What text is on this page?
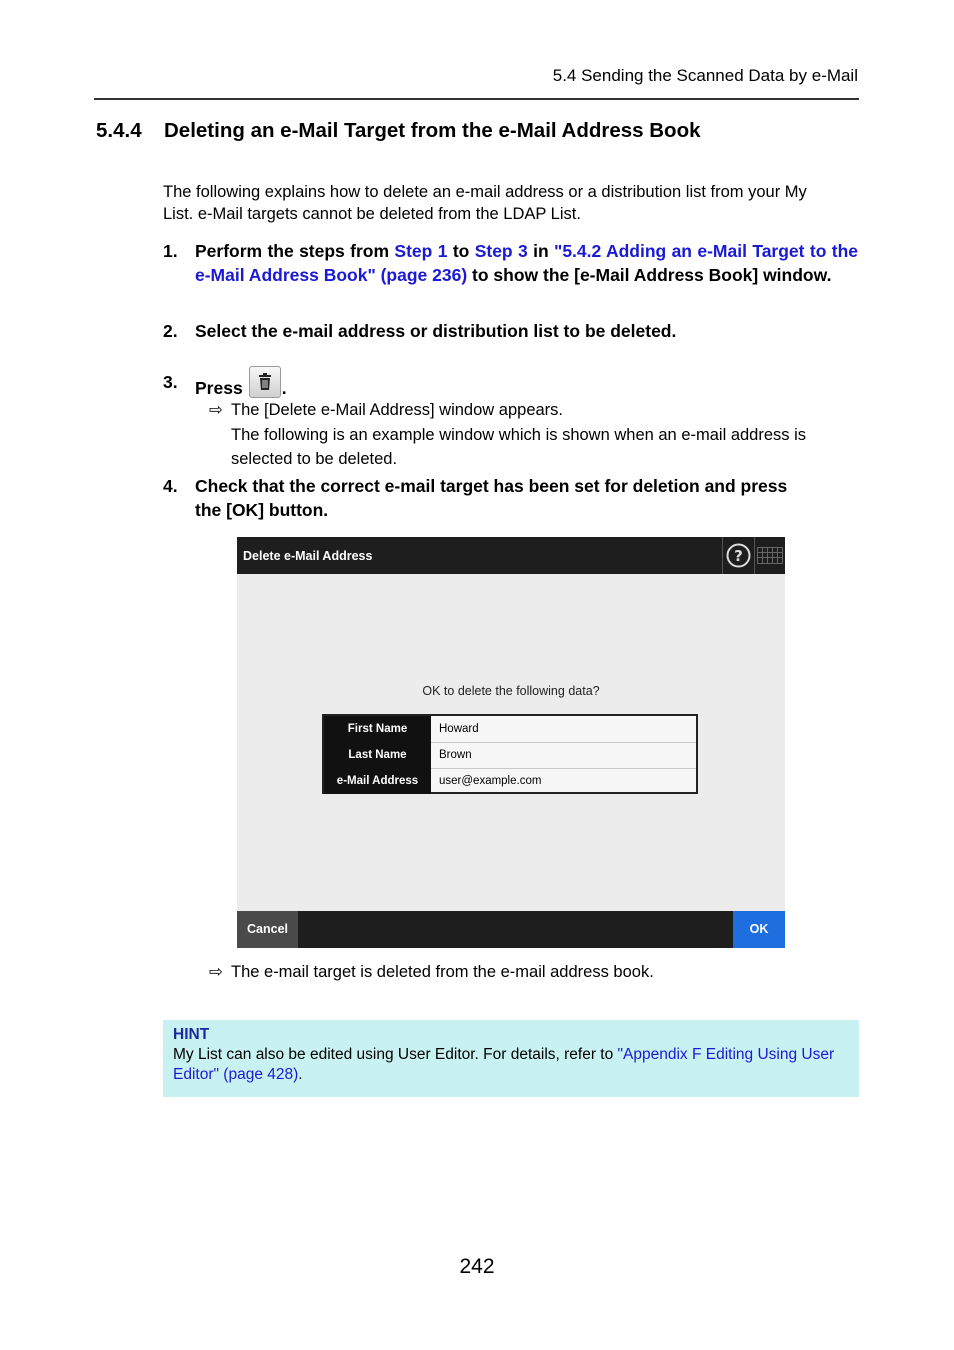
5.4 Sending the Scanned Data by e-Mail
5.4.4 Deleting an e-Mail Target from the e-Mail Address Book
The following explains how to delete an e-mail address or a distribution list from your My
List. e-Mail targets cannot be deleted from the LDAP List.
1. Perform the steps from Step 1 to Step 3 in "5.4.2 Adding an e-Mail Target to the e-Mail Address Book" (page 236) to show the [e-Mail Address Book] window.
2. Select the e-mail address or distribution list to be deleted.
3. Press .
⇨ The [Delete e-Mail Address] window appears.
The following is an example window which is shown when an e-mail address is
selected to be deleted.
4. Check that the correct e-mail target has been set for deletion and press
the [OK] button.
Delete e-Mail Address	?
OK to delete the following data?
First Name	Howard
Last Name	Brown
e-Mail Address	user@example.com
Cancel	OK
⇨ The e-mail target is deleted from the e-mail address book.
HINT
My List can also be edited using User Editor. For details, refer to "Appendix F Editing Using User Editor" (page 428).
242
